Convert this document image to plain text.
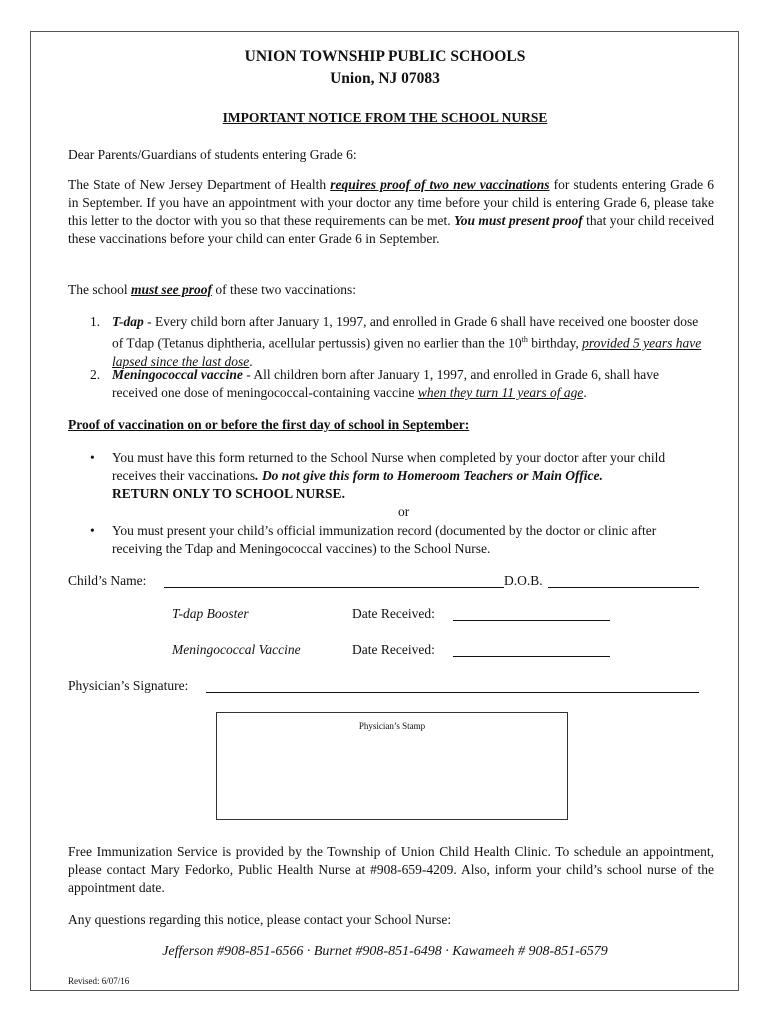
UNION TOWNSHIP PUBLIC SCHOOLS
Union, NJ 07083
IMPORTANT NOTICE FROM THE SCHOOL NURSE
Dear Parents/Guardians of students entering Grade 6:
The State of New Jersey Department of Health requires proof of two new vaccinations for students entering Grade 6 in September. If you have an appointment with your doctor any time before your child is entering Grade 6, please take this letter to the doctor with you so that these requirements can be met. You must present proof that your child received these vaccinations before your child can enter Grade 6 in September.
The school must see proof of these two vaccinations:
1. T-dap - Every child born after January 1, 1997, and enrolled in Grade 6 shall have received one booster dose of Tdap (Tetanus diphtheria, acellular pertussis) given no earlier than the 10th birthday, provided 5 years have lapsed since the last dose.
2. Meningococcal vaccine - All children born after January 1, 1997, and enrolled in Grade 6, shall have received one dose of meningococcal-containing vaccine when they turn 11 years of age.
Proof of vaccination on or before the first day of school in September:
• You must have this form returned to the School Nurse when completed by your doctor after your child receives their vaccinations. Do not give this form to Homeroom Teachers or Main Office.
RETURN ONLY TO SCHOOL NURSE.
or
• You must present your child’s official immunization record (documented by the doctor or clinic after receiving the Tdap and Meningococcal vaccines) to the School Nurse.
Child’s Name:	D.O.B.
T-dap Booster	Date Received:
Meningococcal Vaccine	Date Received:
Physician’s Signature:
Physician’s Stamp
Free Immunization Service is provided by the Township of Union Child Health Clinic. To schedule an appointment, please contact Mary Fedorko, Public Health Nurse at #908-659-4209. Also, inform your child’s school nurse of the appointment date.
Any questions regarding this notice, please contact your School Nurse:
Jefferson #908-851-6566 · Burnet #908-851-6498 · Kawameeh # 908-851-6579
Revised: 6/07/16
